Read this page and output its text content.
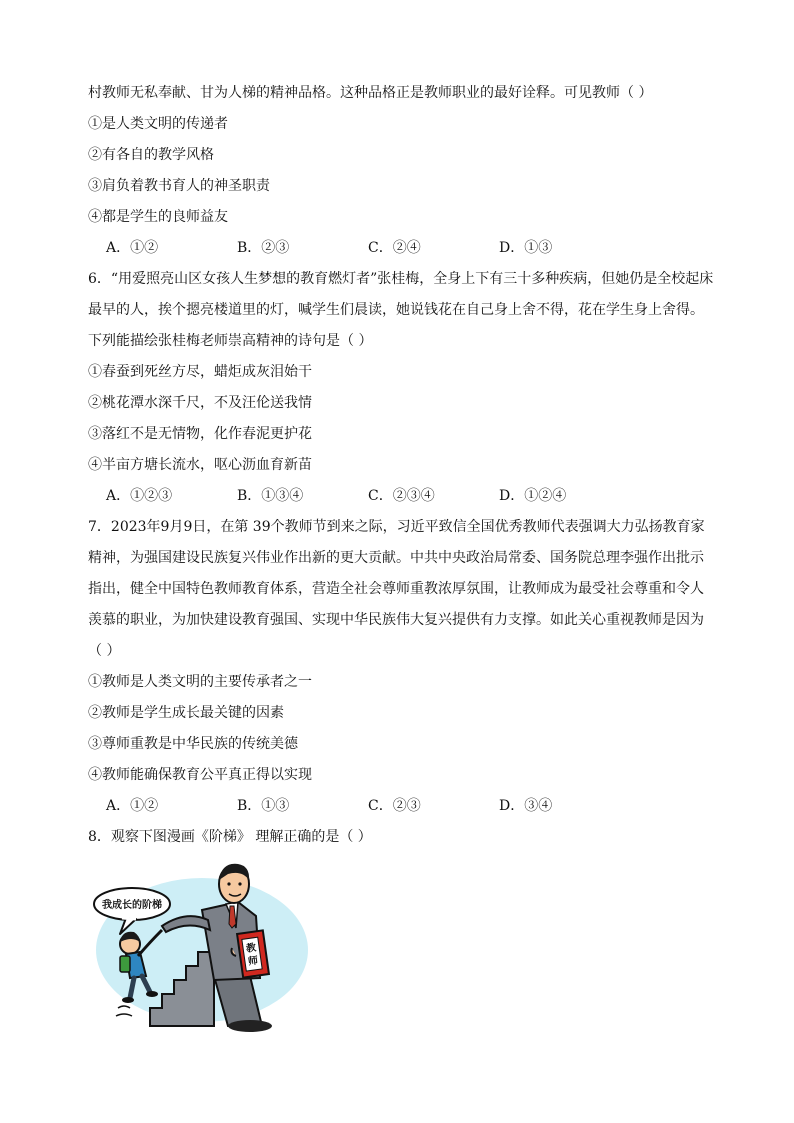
村教师无私奉献、甘为人梯的精神品格。这种品格正是教师职业的最好诠释。可见教师（ ）
①是人类文明的传递者
②有各自的教学风格
③肩负着教书育人的神圣职责
④都是学生的良师益友
A．①②	B．②③	C．②④	D．①③
6．“用爱照亮山区女孩人生梦想的教育燃灯者”张桂梅，全身上下有三十多种疾病，但她仍是全校起床
最早的人，挨个摁亮楼道里的灯，喊学生们晨读，她说钱花在自己身上舍不得，花在学生身上舍得。
下列能描绘张桂梅老师崇高精神的诗句是（ ）
①春蚕到死丝方尽，蜡炬成灰泪始干
②桃花潭水深千尺，不及汪伦送我情
③落红不是无情物，化作春泥更护花
④半亩方塘长流水，呕心沥血育新苗
A．①②③	B．①③④	C．②③④	D．①②④
7．2023年9月9日，在第 39个教师节到来之际，习近平致信全国优秀教师代表强调大力弘扬教育家
精神，为强国建设民族复兴伟业作出新的更大贡献。中共中央政治局常委、国务院总理李强作出批示
指出，健全中国特色教师教育体系，营造全社会尊师重教浓厚氛围，让教师成为最受社会尊重和令人
羡慕的职业，为加快建设教育强国、实现中华民族伟大复兴提供有力支撑。如此关心重视教师是因为
（ ）
①教师是人类文明的主要传承者之一
②教师是学生成长最关键的因素
③尊师重教是中华民族的传统美德
④教师能确保教育公平真正得以实现
A．①②	B．①③	C．②③	D．③④
8．观察下图漫画《阶梯》 理解正确的是（ ）
我成长的阶梯
教
师
